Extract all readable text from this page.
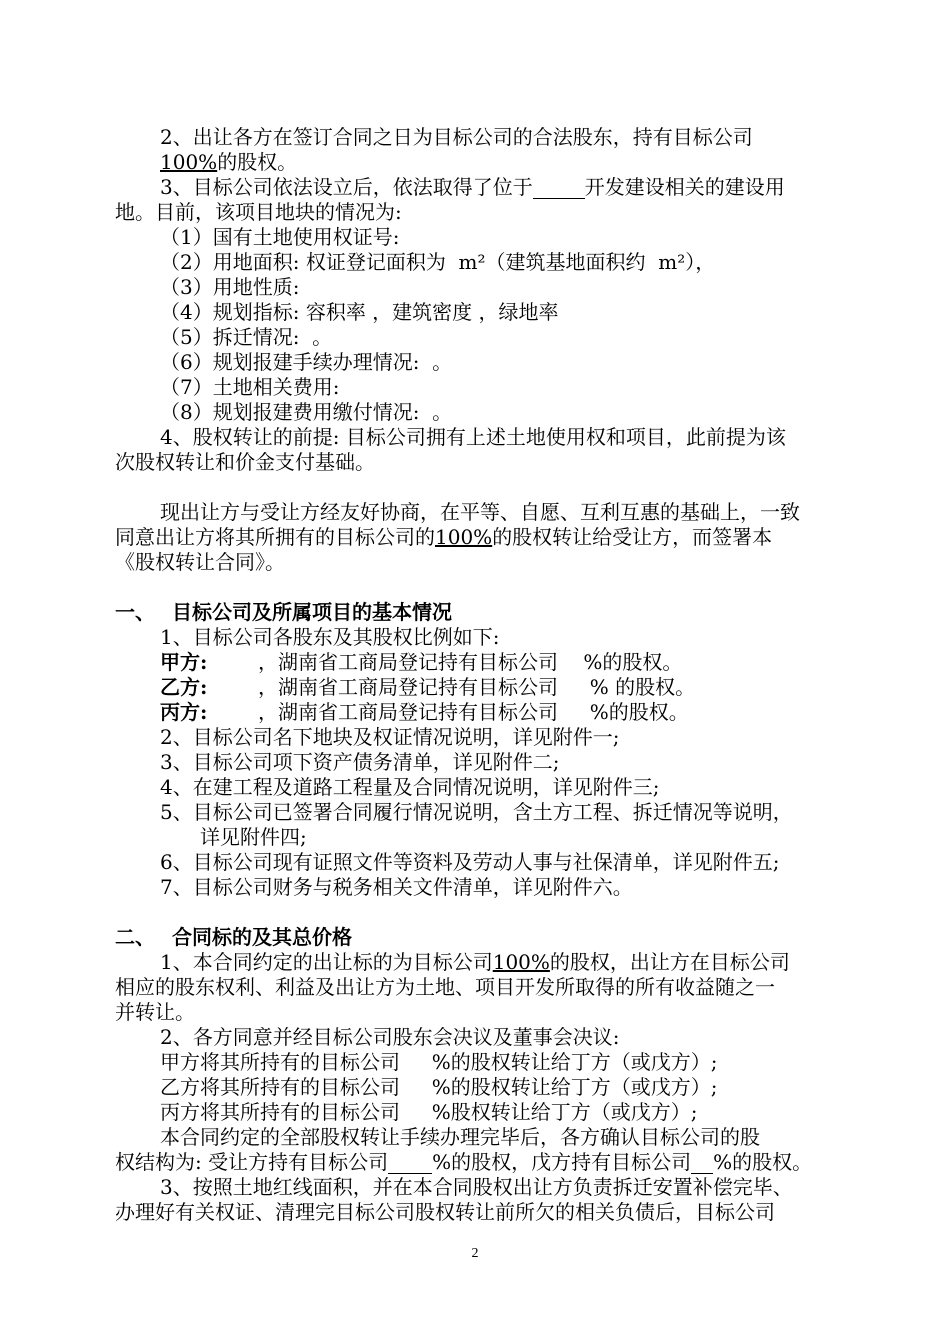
2、出让各方在签订合同之日为目标公司的合法股东，持有目标公司
100%的股权。
3、目标公司依法设立后，依法取得了位于	开发建设相关的建设用
地。目前，该项目地块的情况为:
（1）国有土地使用权证号:
（2）用地面积: 权证登记面积为  m²（建筑基地面积约  m²），
（3）用地性质:
（4）规划指标: 容积率 ，建筑密度 ，绿地率
（5）拆迁情况:  。
（6）规划报建手续办理情况:  。
（7）土地相关费用:
（8）规划报建费用缴付情况:  。
4、股权转让的前提: 目标公司拥有上述土地使用权和项目，此前提为该
次股权转让和价金支付基础。
现出让方与受让方经友好协商，在平等、自愿、互利互惠的基础上，一致
同意出让方将其所拥有的目标公司的100%的股权转让给受让方，而签署本
《股权转让合同》。
一、 目标公司及所属项目的基本情况
1、目标公司各股东及其股权比例如下:
甲方:	，湖南省工商局登记持有目标公司    %的股权。
乙方:	，湖南省工商局登记持有目标公司     % 的股权。
丙方:	，湖南省工商局登记持有目标公司     %的股权。
2、目标公司名下地块及权证情况说明，详见附件一;
3、目标公司项下资产债务清单，详见附件二;
4、在建工程及道路工程量及合同情况说明，详见附件三;
5、目标公司已签署合同履行情况说明，含土方工程、拆迁情况等说明，
详见附件四;
6、目标公司现有证照文件等资料及劳动人事与社保清单，详见附件五;
7、目标公司财务与税务相关文件清单，详见附件六。
二、 合同标的及其总价格
1、本合同约定的出让标的为目标公司100%的股权，出让方在目标公司
相应的股东权利、利益及出让方为土地、项目开发所取得的所有收益随之一
并转让。
2、各方同意并经目标公司股东会决议及董事会决议:
甲方将其所持有的目标公司     %的股权转让给丁方（或戊方）;
乙方将其所持有的目标公司     %的股权转让给丁方（或戊方）;
丙方将其所持有的目标公司     %股权转让给丁方（或戊方）;
本合同约定的全部股权转让手续办理完毕后，各方确认目标公司的股
权结构为: 受让方持有目标公司 %的股权，戊方持有目标公司 %的股权。
3、按照土地红线面积，并在本合同股权出让方负责拆迁安置补偿完毕、
办理好有关权证、清理完目标公司股权转让前所欠的相关负债后，目标公司
2
